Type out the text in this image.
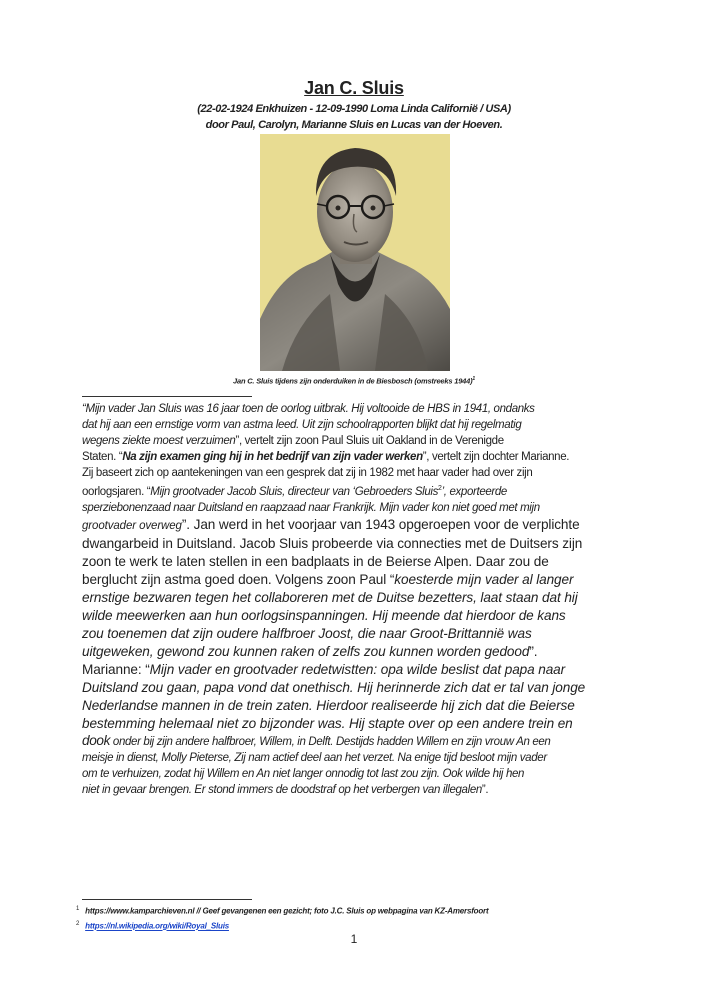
Jan C. Sluis
(22-02-1924 Enkhuizen - 12-09-1990 Loma Linda Californië / USA)
door Paul, Carolyn, Marianne Sluis en Lucas van der Hoeven.
Jan C. Sluis tijdens zijn onderduiken in de Biesbosch (omstreeks 1944)$^1$
“Mijn vader Jan Sluis was 16 jaar toen de oorlog uitbrak. Hij voltooide de HBS in 1941, ondanks
dat hij aan een ernstige vorm van astma leed. Uit zijn schoolrapporten blijkt dat hij regelmatig
wegens ziekte moest verzuimen”, vertelt zijn zoon Paul Sluis uit Oakland in de Verenigde
Staten. “Na zijn examen ging hij in het bedrijf van zijn vader werken”, vertelt zijn dochter Marianne.
Zij baseert zich op aantekeningen van een gesprek dat zij in 1982 met haar vader had over zijn
oorlogsjaren. “Mijn grootvader Jacob Sluis, directeur van ‘Gebroeders Sluis$^2$’, exporteerde
sperziebonenzaad naar Duitsland en raapzaad naar Frankrijk. Mijn vader kon niet goed met mijn
grootvader overweg”. Jan werd in het voorjaar van 1943 opgeroepen voor de verplichte
dwangarbeid in Duitsland. Jacob Sluis probeerde via connecties met de Duitsers zijn
zoon te werk te laten stellen in een badplaats in de Beierse Alpen. Daar zou de
berglucht zijn astma goed doen. Volgens zoon Paul “koesterde mijn vader al langer
ernstige bezwaren tegen het collaboreren met de Duitse bezetters, laat staan dat hij
wilde meewerken aan hun oorlogsinspanningen. Hij meende dat hierdoor de kans
zou toenemen dat zijn oudere halfbroer Joost, die naar Groot-Brittannië was
uitgeweken, gewond zou kunnen raken of zelfs zou kunnen worden gedood”.
Marianne: “Mijn vader en grootvader redetwistten: opa wilde beslist dat papa naar
Duitsland zou gaan, papa vond dat onethisch. Hij herinnerde zich dat er tal van jonge
Nederlandse mannen in de trein zaten. Hierdoor realiseerde hij zich dat die Beierse
bestemming helemaal niet zo bijzonder was. Hij stapte over op een andere trein en
dook onder bij zijn andere halfbroer, Willem, in Delft. Destijds hadden Willem en zijn vrouw An een
meisje in dienst, Molly Pieterse, Zij nam actief deel aan het verzet. Na enige tijd besloot mijn vader
om te verhuizen, zodat hij Willem en An niet langer onnodig tot last zou zijn. Ook wilde hij hen
niet in gevaar brengen. Er stond immers de doodstraf op het verbergen van illegalen”.
$^1$ https://www.kamparchieven.nl // Geef gevangenen een gezicht; foto J.C. Sluis op webpagina van KZ-Amersfoort
$^2$ https://nl.wikipedia.org/wiki/Royal_Sluis
1
